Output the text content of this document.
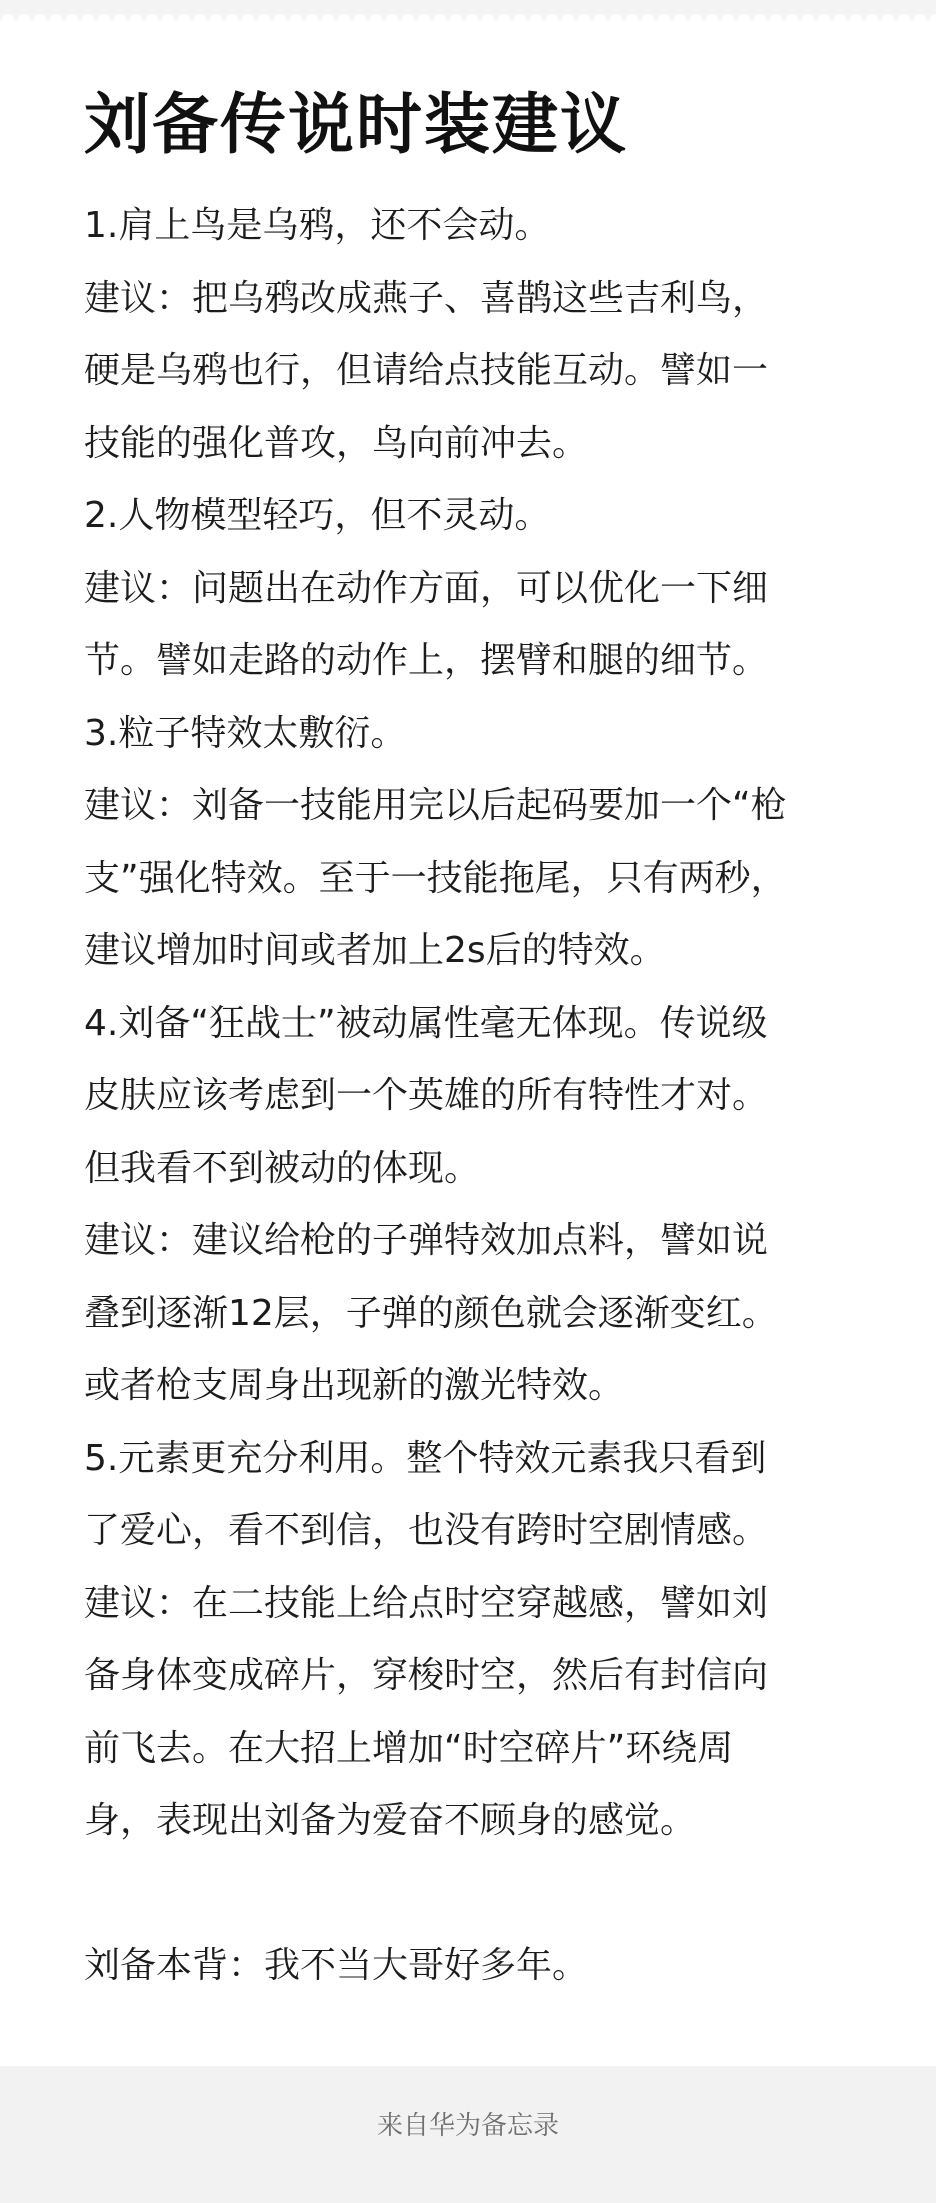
刘备传说时装建议
1.肩上鸟是乌鸦，还不会动。
建议：把乌鸦改成燕子、喜鹊这些吉利鸟，
硬是乌鸦也行，但请给点技能互动。譬如一
技能的强化普攻，鸟向前冲去。
2.人物模型轻巧，但不灵动。
建议：问题出在动作方面，可以优化一下细
节。譬如走路的动作上，摆臂和腿的细节。
3.粒子特效太敷衍。
建议：刘备一技能用完以后起码要加一个“枪
支”强化特效。至于一技能拖尾，只有两秒，
建议增加时间或者加上2s后的特效。
4.刘备“狂战士”被动属性毫无体现。传说级
皮肤应该考虑到一个英雄的所有特性才对。
但我看不到被动的体现。
建议：建议给枪的子弹特效加点料，譬如说
叠到逐渐12层，子弹的颜色就会逐渐变红。
或者枪支周身出现新的激光特效。
5.元素更充分利用。整个特效元素我只看到
了爱心，看不到信，也没有跨时空剧情感。
建议：在二技能上给点时空穿越感，譬如刘
备身体变成碎片，穿梭时空，然后有封信向
前飞去。在大招上增加“时空碎片”环绕周
身，表现出刘备为爱奋不顾身的感觉。
刘备本背：我不当大哥好多年。
来自华为备忘录
